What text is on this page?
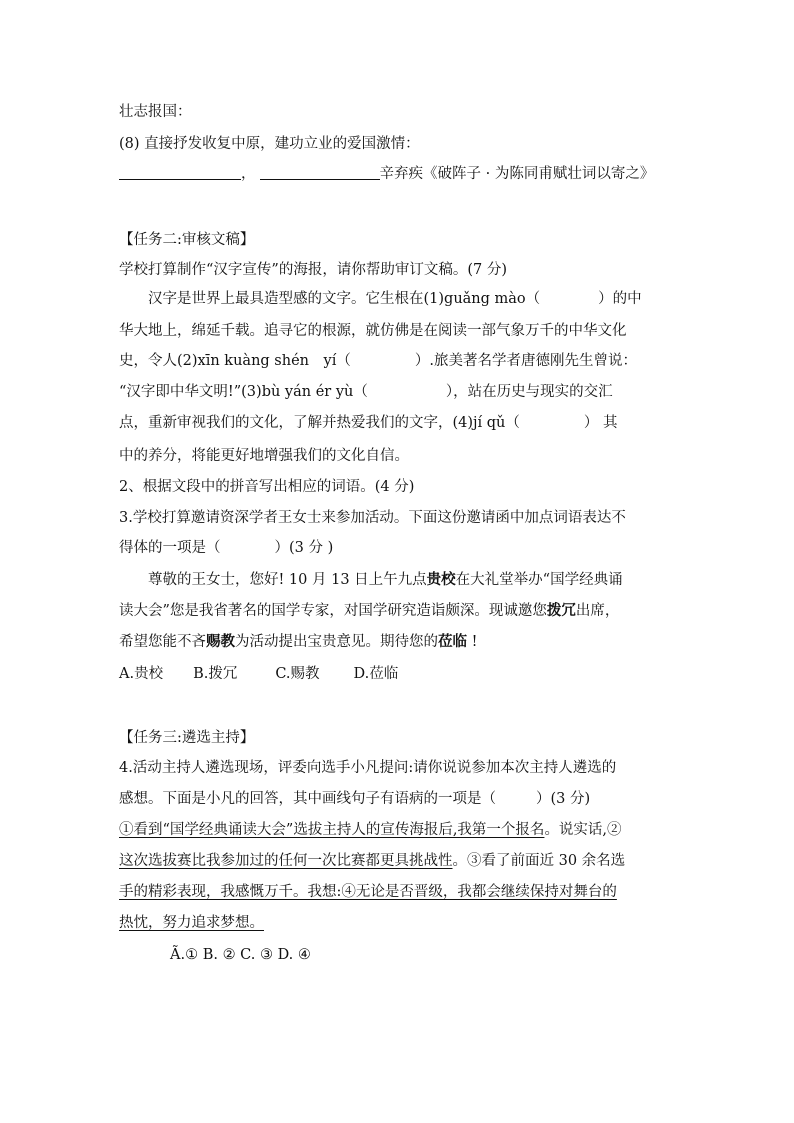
壮志报国：
(8) 直接抒发收复中原，建功立业的爱国激情：
，	辛弃疾《破阵子 · 为陈同甫赋壮词以寄之》
【任务二:审核文稿】
学校打算制作“汉字宣传”的海报，请你帮助审订文稿。(7 分)
汉字是世界上最具造型感的文字。它生根在(1)guǎng mào（	）的中
华大地上，绵延千载。追寻它的根源，就仿佛是在阅读一部气象万千的中华文化
史，令人(2)xīn kuàng shén　yí（	）.旅美著名学者唐德刚先生曾说：
“汉字即中华文明!”(3)bù yán ér yù（	），站在历史与现实的交汇
点，重新审视我们的文化，了解并热爱我们的文字，(4)jí qǔ（	） 其
中的养分，将能更好地增强我们的文化自信。
2、根据文段中的拼音写出相应的词语。(4 分)
3.学校打算邀请资深学者王女士来参加活动。下面这份邀请函中加点词语表达不
得体的一项是（	）(3 分 )
尊敬的王女士，您好! 10 月 13 日上午九点贵校在大礼堂举办“国学经典诵
读大会”您是我省著名的国学专家，对国学研究造诣颇深。现诚邀您拨冗出席，
希望您能不吝赐教为活动提出宝贵意见。期待您的莅临 !
A.贵校 B.拨冗	C.赐教 D.莅临
【任务三:遴选主持】
4.活动主持人遴选现场，评委向选手小凡提问:请你说说参加本次主持人遴选的
感想。下面是小凡的回答，其中画线句子有语病的一项是（	）(3 分)
①看到“国学经典诵读大会”选拔主持人的宣传海报后,我第一个报名。说实话,②
这次选拔赛比我参加过的任何一次比赛都更具挑战性。③看了前面近 30 余名选
手的精彩表现，我感慨万千。我想:④无论是否晋级，我都会继续保持对舞台的
热忱，努力追求梦想。
Ã.① B. ② C. ③ D. ④
